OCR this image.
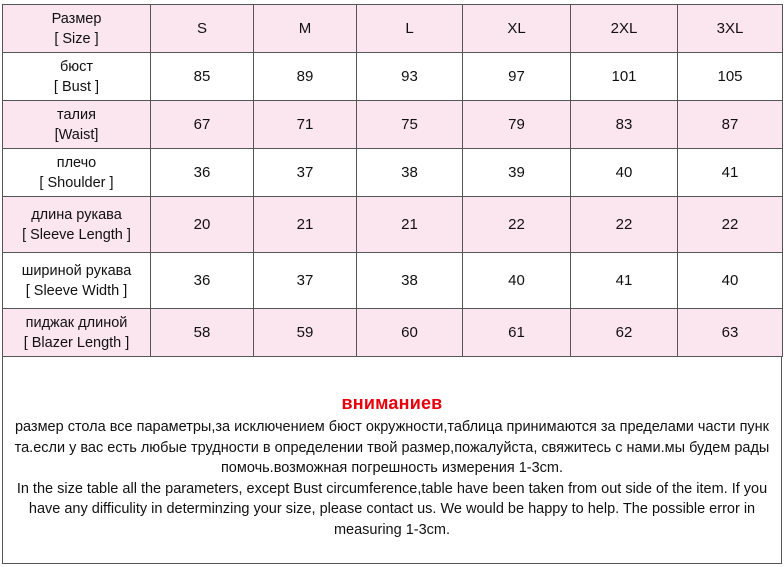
Размер
[ Size ]	S	M	L	XL	2XL	3XL

бюст
[ Bust ]	85	89	93	97	101	105

талия
[Waist]	67	71	75	79	83	87

плечо
[ Shoulder ]	36	37	38	39	40	41

длина рукава
[ Sleeve Length ]	20	21	21	22	22	22

шириной рукава
[ Sleeve Width ]	36	37	38	40	41	40

пиджак длиной
[ Blazer Length ]	58	59	60	61	62	63
вниманиев
размер стола все параметры,за исключением бюст окружности,таблица принимаются за пределами части пунк
та.если у вас есть любые трудности в определении твой размер,пожалуйста, свяжитесь с нами.мы будем рады
помочь.возможная погрешность измерения 1-3cm.
In the size table all the parameters, except Bust circumference,table have been taken from out side of the item. If you
have any difficulity in determinzing your size, please contact us. We would be happy to help. The possible error in
measuring 1-3cm.
